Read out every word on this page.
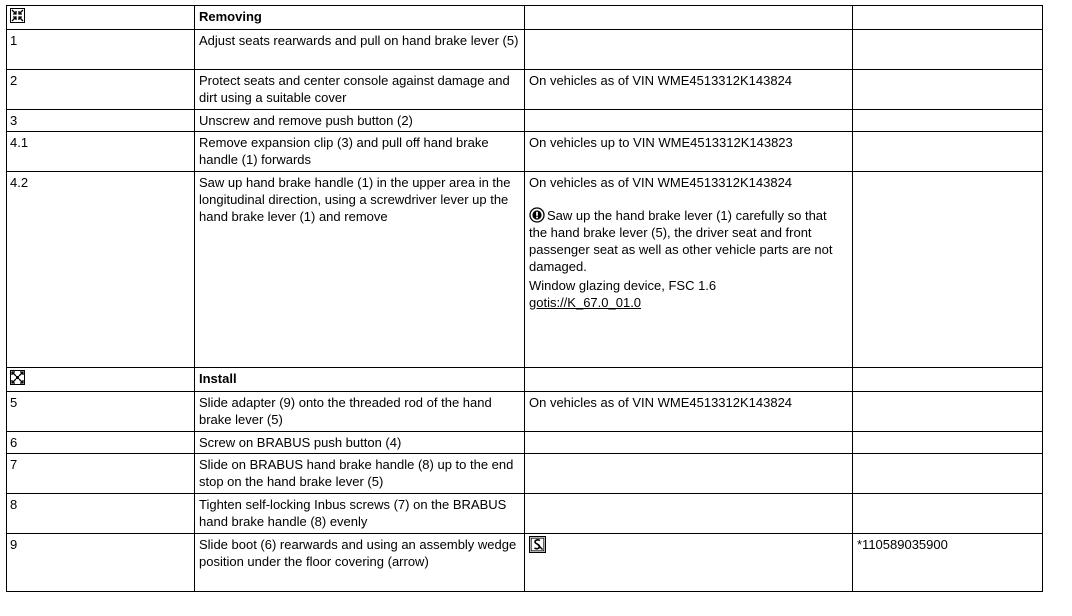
	Removing		
1	Adjust seats rearwards and pull on hand brake lever (5)		
2	Protect seats and center console against damage and dirt using a suitable cover	On vehicles as of VIN WME4513312K143824	
3	Unscrew and remove push button (2)		
4.1	Remove expansion clip (3) and pull off hand brake handle (1) forwards	On vehicles up to VIN WME4513312K143823	
4.2	Saw up hand brake handle (1) in the upper area in the longitudinal direction, using a screwdriver lever up the hand brake lever (1) and remove	On vehicles as of VIN WME4513312K143824
Saw up the hand brake lever (1) carefully so that the hand brake lever (5), the driver seat and front passenger seat as well as other vehicle parts are not damaged.
Window glazing device, FSC 1.6
gotis://K_67.0_01.0	

	Install		
5	Slide adapter (9) onto the threaded rod of the hand brake lever (5)	On vehicles as of VIN WME4513312K143824	
6	Screw on BRABUS push button (4)		
7	Slide on BRABUS hand brake handle (8) up to the end stop on the hand brake lever (5)		
8	Tighten self-locking Inbus screws (7) on the BRABUS hand brake handle (8) evenly		
9	Slide boot (6) rearwards and using an assembly wedge position under the floor covering (arrow)		*110589035900
